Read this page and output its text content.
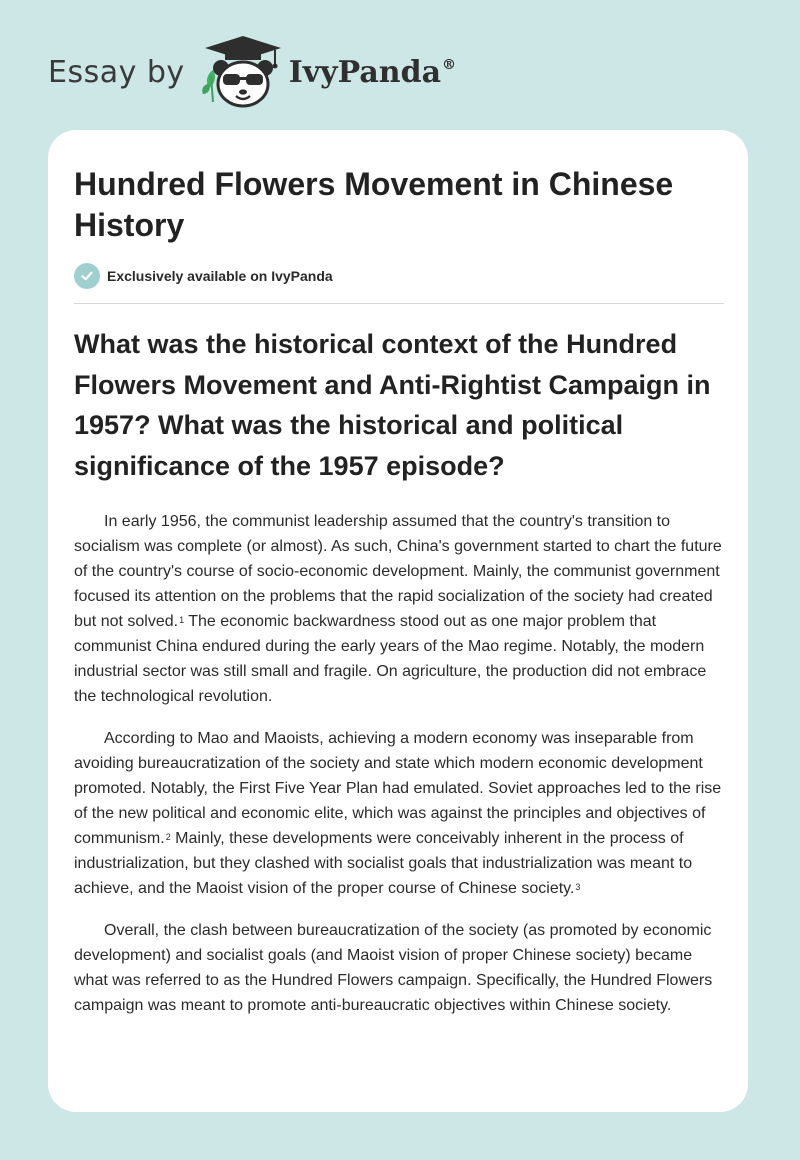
Essay by	IvyPanda®
Hundred Flowers Movement in Chinese History
Exclusively available on IvyPanda
What was the historical context of the Hundred Flowers Movement and Anti-Rightist Campaign in 1957? What was the historical and political significance of the 1957 episode?

In early 1956, the communist leadership assumed that the country's transition to socialism was complete (or almost). As such, China's government started to chart the future of the country's course of socio-economic development. Mainly, the communist government focused its attention on the problems that the rapid socialization of the society had created but not solved.$^1$ The economic backwardness stood out as one major problem that communist China endured during the early years of the Mao regime. Notably, the modern industrial sector was still small and fragile. On agriculture, the production did not embrace the technological revolution.

According to Mao and Maoists, achieving a modern economy was inseparable from avoiding bureaucratization of the society and state which modern economic development promoted. Notably, the First Five Year Plan had emulated. Soviet approaches led to the rise of the new political and economic elite, which was against the principles and objectives of communism.$^2$ Mainly, these developments were conceivably inherent in the process of industrialization, but they clashed with socialist goals that industrialization was meant to achieve, and the Maoist vision of the proper course of Chinese society.$^3$

Overall, the clash between bureaucratization of the society (as promoted by economic development) and socialist goals (and Maoist vision of proper Chinese society) became what was referred to as the Hundred Flowers campaign. Specifically, the Hundred Flowers campaign was meant to promote anti-bureaucratic objectives within Chinese society.
